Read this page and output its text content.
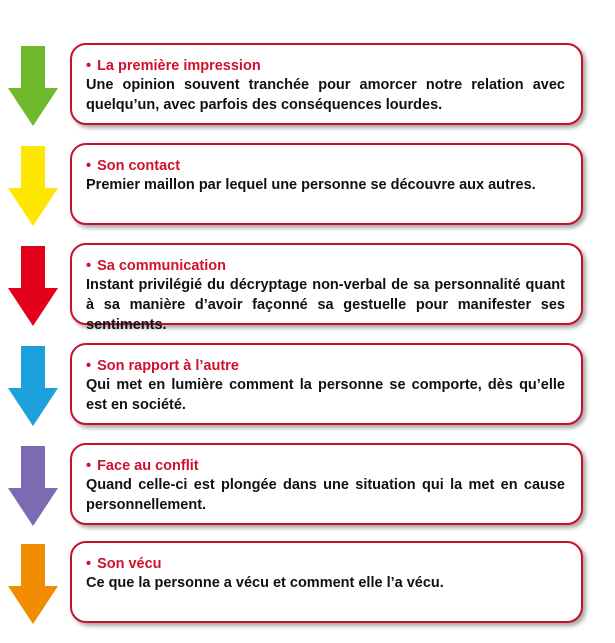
• La première impression
Une opinion souvent tranchée pour amorcer notre relation avec quelqu’un, avec parfois des conséquences lourdes.
• Son contact
Premier maillon par lequel une personne se découvre aux autres.
• Sa communication
Instant privilégié du décryptage non-verbal de sa personnalité quant à sa manière d’avoir façonné sa gestuelle pour manifester ses sentiments.
• Son rapport à l’autre
Qui met en lumière comment la personne se comporte, dès qu’elle est en société.
• Face au conflit
Quand celle-ci est plongée dans une situation qui la met en cause personnellement.
• Son vécu
Ce que la personne a vécu et comment elle l’a vécu.
